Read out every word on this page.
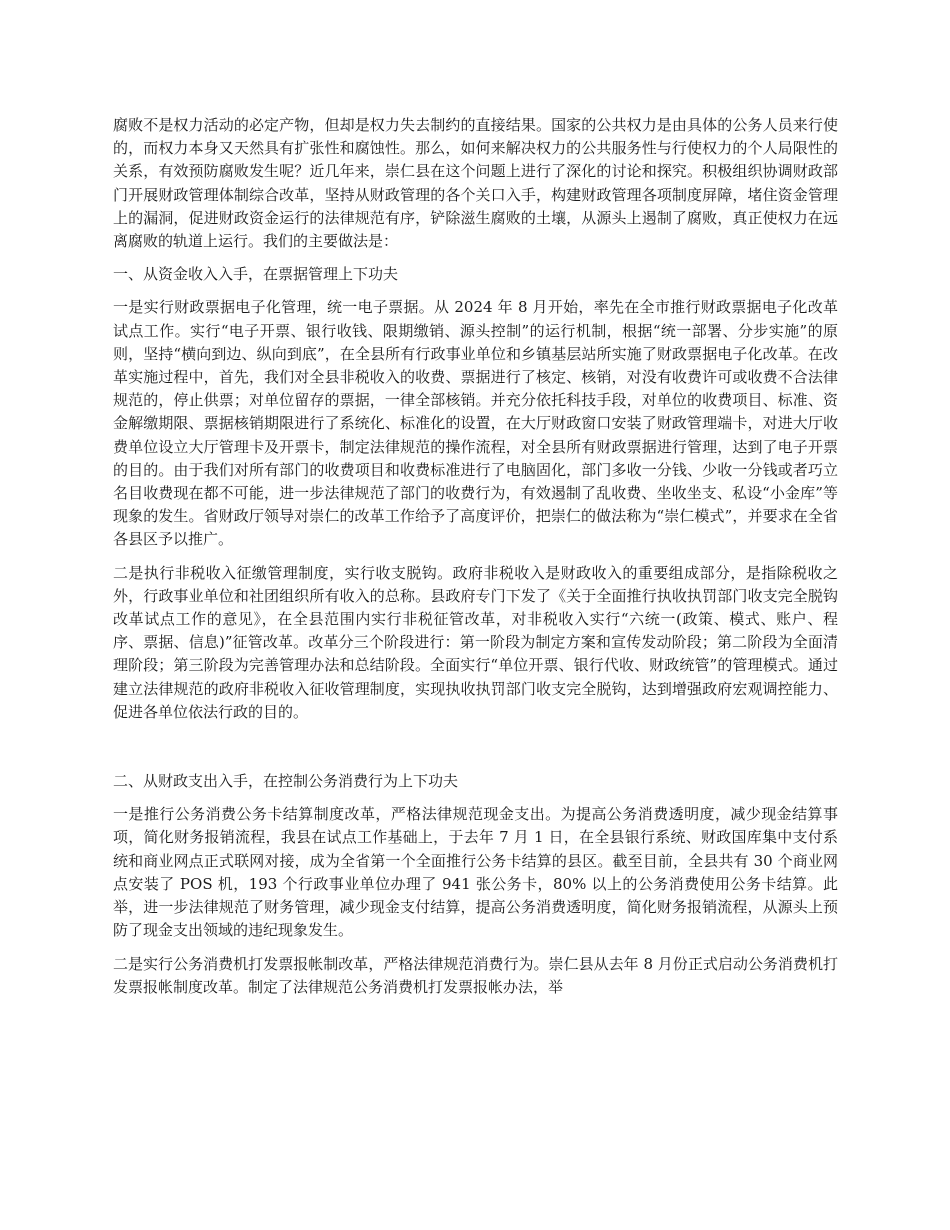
腐败不是权力活动的必定产物，但却是权力失去制约的直接结果。国家的公共权力是由具体的公务人员来行使的，而权力本身又天然具有扩张性和腐蚀性。那么，如何来解决权力的公共服务性与行使权力的个人局限性的关系，有效预防腐败发生呢？近几年来，崇仁县在这个问题上进行了深化的讨论和探究。积极组织协调财政部门开展财政管理体制综合改革，坚持从财政管理的各个关口入手，构建财政管理各项制度屏障，堵住资金管理上的漏洞，促进财政资金运行的法律规范有序，铲除滋生腐败的土壤，从源头上遏制了腐败，真正使权力在远离腐败的轨道上运行。我们的主要做法是：

一、从资金收入入手，在票据管理上下功夫

一是实行财政票据电子化管理，统一电子票据。从 2024 年 8 月开始，率先在全市推行财政票据电子化改革试点工作。实行“电子开票、银行收钱、限期缴销、源头控制”的运行机制，根据“统一部署、分步实施”的原则，坚持“横向到边、纵向到底”，在全县所有行政事业单位和乡镇基层站所实施了财政票据电子化改革。在改革实施过程中，首先，我们对全县非税收入的收费、票据进行了核定、核销，对没有收费许可或收费不合法律规范的，停止供票；对单位留存的票据，一律全部核销。并充分依托科技手段，对单位的收费项目、标准、资金解缴期限、票据核销期限进行了系统化、标准化的设置，在大厅财政窗口安装了财政管理端卡，对进大厅收费单位设立大厅管理卡及开票卡，制定法律规范的操作流程，对全县所有财政票据进行管理，达到了电子开票的目的。由于我们对所有部门的收费项目和收费标准进行了电脑固化，部门多收一分钱、少收一分钱或者巧立名目收费现在都不可能，进一步法律规范了部门的收费行为，有效遏制了乱收费、坐收坐支、私设“小金库”等现象的发生。省财政厅领导对崇仁的改革工作给予了高度评价，把崇仁的做法称为“崇仁模式”，并要求在全省各县区予以推广。

二是执行非税收入征缴管理制度，实行收支脱钩。政府非税收入是财政收入的重要组成部分，是指除税收之外，行政事业单位和社团组织所有收入的总称。县政府专门下发了《关于全面推行执收执罚部门收支完全脱钩改革试点工作的意见》，在全县范围内实行非税征管改革，对非税收入实行“六统一(政策、模式、账户、程序、票据、信息)”征管改革。改革分三个阶段进行：第一阶段为制定方案和宣传发动阶段；第二阶段为全面清理阶段；第三阶段为完善管理办法和总结阶段。全面实行“单位开票、银行代收、财政统管”的管理模式。通过建立法律规范的政府非税收入征收管理制度，实现执收执罚部门收支完全脱钩，达到增强政府宏观调控能力、促进各单位依法行政的目的。

二、从财政支出入手，在控制公务消费行为上下功夫

一是推行公务消费公务卡结算制度改革，严格法律规范现金支出。为提高公务消费透明度，减少现金结算事项，简化财务报销流程，我县在试点工作基础上，于去年 7 月 1 日，在全县银行系统、财政国库集中支付系统和商业网点正式联网对接，成为全省第一个全面推行公务卡结算的县区。截至目前，全县共有 30 个商业网点安装了 POS 机，193 个行政事业单位办理了 941 张公务卡，80% 以上的公务消费使用公务卡结算。此举，进一步法律规范了财务管理，减少现金支付结算，提高公务消费透明度，简化财务报销流程，从源头上预防了现金支出领域的违纪现象发生。

二是实行公务消费机打发票报帐制改革，严格法律规范消费行为。崇仁县从去年 8 月份正式启动公务消费机打发票报帐制度改革。制定了法律规范公务消费机打发票报帐办法，举
